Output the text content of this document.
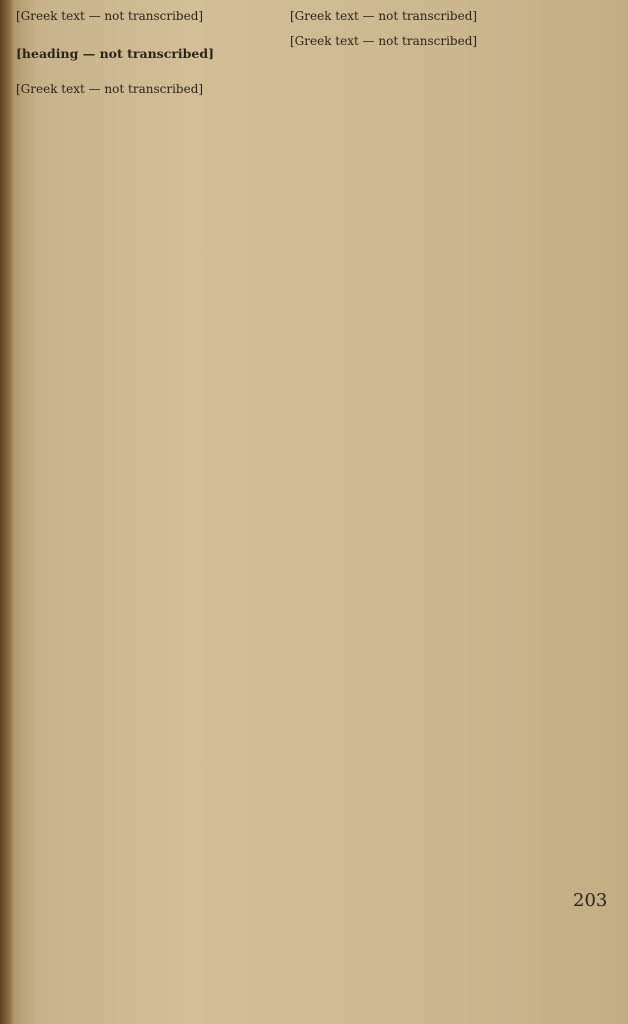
[Greek text — not transcribed]

[heading — not transcribed]

[Greek text — not transcribed]

[Greek text — not transcribed]

[Greek text — not transcribed]

203
